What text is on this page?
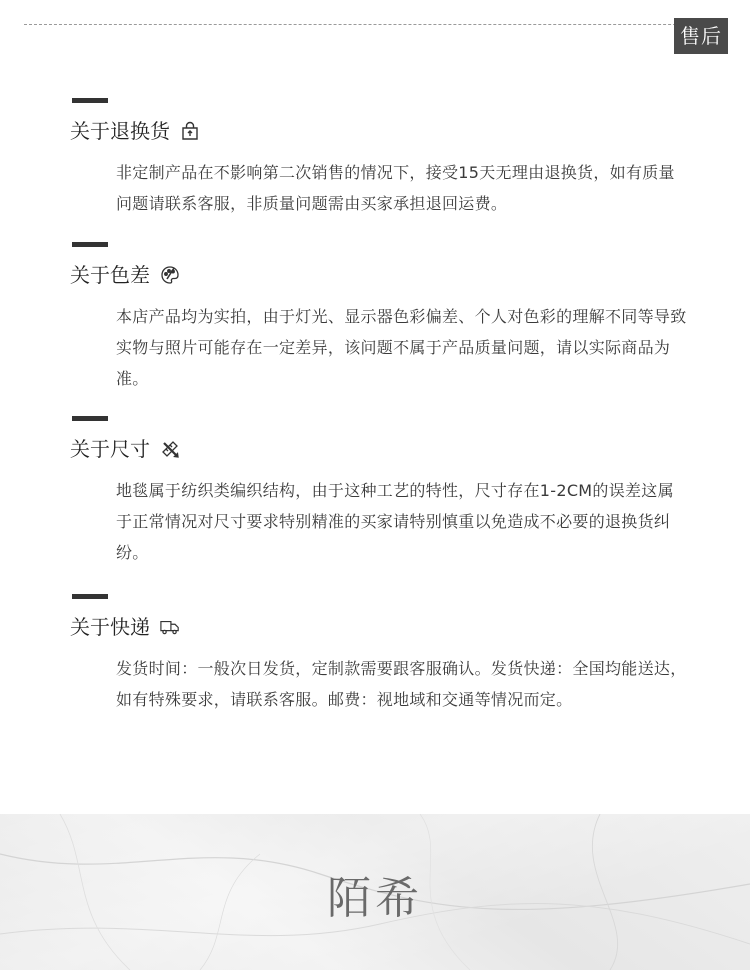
售后
关于退换货
非定制产品在不影响第二次销售的情况下，接受15天无理由退换货，如有质量问题请联系客服，非质量问题需由买家承担退回运费。
关于色差
本店产品均为实拍，由于灯光、显示器色彩偏差、个人对色彩的理解不同等导致实物与照片可能存在一定差异，该问题不属于产品质量问题，请以实际商品为准。
关于尺寸
地毯属于纺织类编织结构，由于这种工艺的特性，尺寸存在1-2CM的误差这属于正常情况对尺寸要求特别精准的买家请特别慎重以免造成不必要的退换货纠纷。
关于快递
发货时间：一般次日发货，定制款需要跟客服确认。发货快递：全国均能送达，如有特殊要求，请联系客服。邮费：视地域和交通等情况而定。
陌希
